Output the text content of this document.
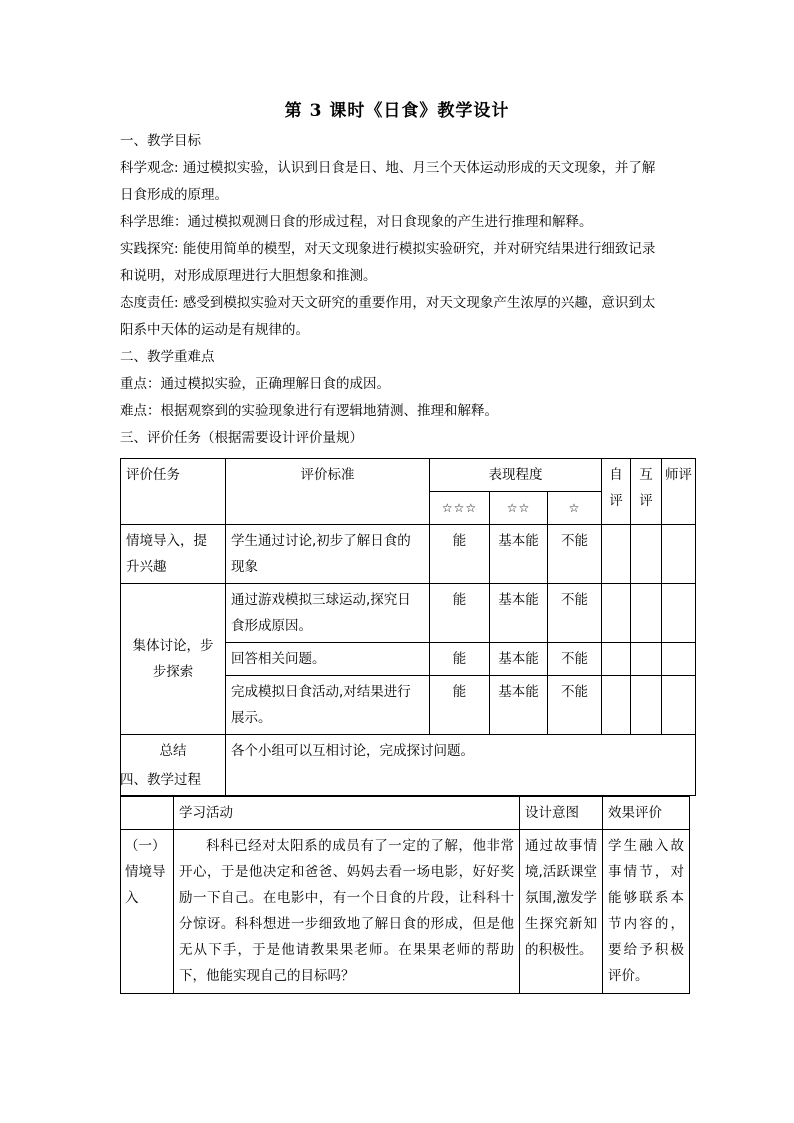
第 3 课时《日食》教学设计
一、教学目标
科学观念: 通过模拟实验，认识到日食是日、地、月三个天体运动形成的天文现象，并了解
日食形成的原理。
科学思维：通过模拟观测日食的形成过程，对日食现象的产生进行推理和解释。
实践探究: 能使用简单的模型，对天文现象进行模拟实验研究，并对研究结果进行细致记录
和说明，对形成原理进行大胆想象和推测。
态度责任: 感受到模拟实验对天文研究的重要作用，对天文现象产生浓厚的兴趣，意识到太
阳系中天体的运动是有规律的。
二、教学重难点
重点：通过模拟实验，正确理解日食的成因。
难点：根据观察到的实验现象进行有逻辑地猜测、推理和解释。
三、评价任务（根据需要设计评价量规）
评价任务	评价标准	表现程度			自评	互评	师评
		☆☆☆	☆☆	☆			
情境导入，提升兴趣	学生通过讨论,初步了解日食的现象	能	基本能	不能			
集体讨论，步步探索	通过游戏模拟三球运动,探究日食形成原因。	能	基本能	不能			
	回答相关问题。	能	基本能	不能			
	完成模拟日食活动,对结果进行展示。	能	基本能	不能			
总结	各个小组可以互相讨论，完成探讨问题。						
四、教学过程
	学习活动	设计意图	效果评价
（一）情境导入	科科已经对太阳系的成员有了一定的了解，他非常开心，于是他决定和爸爸、妈妈去看一场电影，好好奖励一下自己。在电影中，有一个日食的片段，让科科十分惊讶。科科想进一步细致地了解日食的形成，但是他无从下手，于是他请教果果老师。在果果老师的帮助下，他能实现自己的目标吗？	通过故事情境,活跃课堂氛围,激发学生探究新知的积极性。	学生融入故事情节，对能够联系本节内容的，要给予积极评价。
